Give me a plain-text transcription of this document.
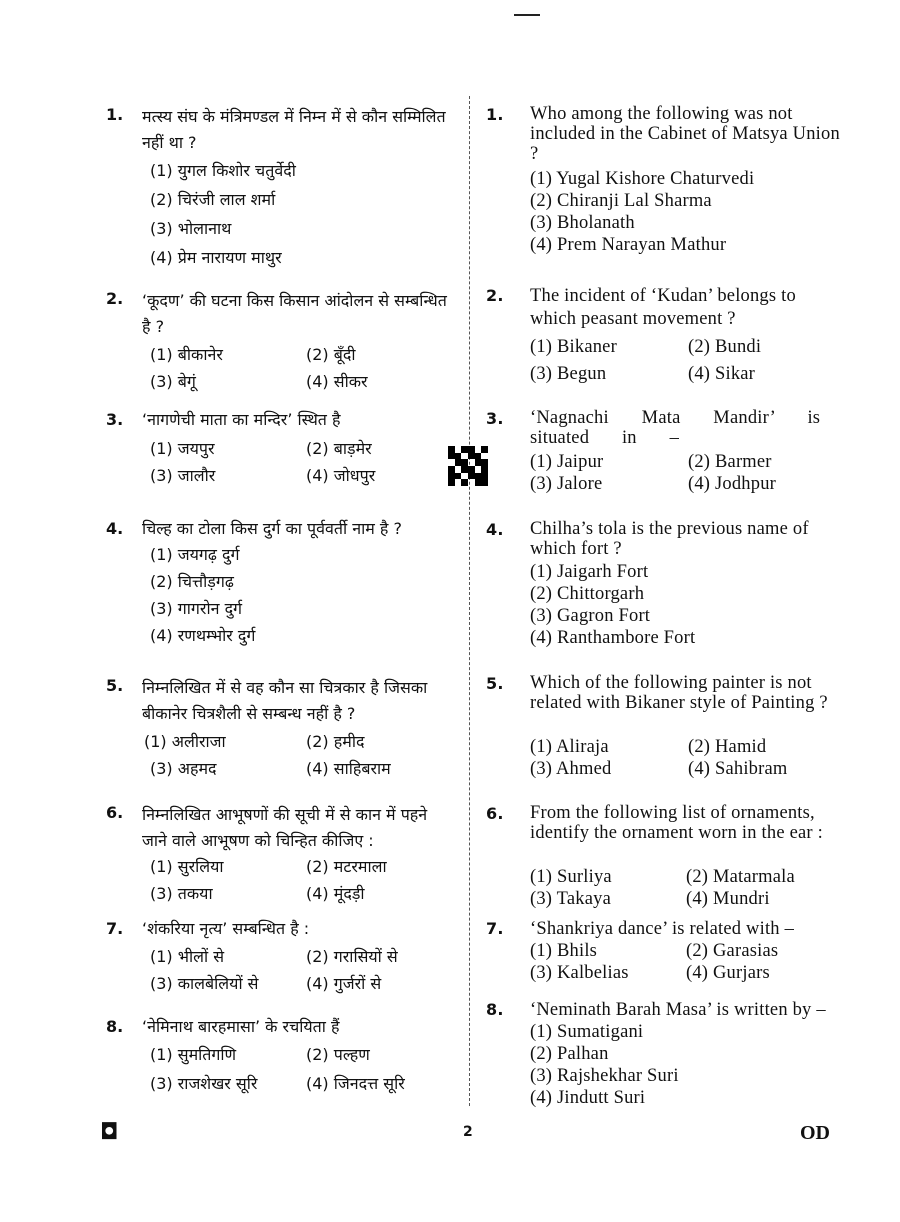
1. मत्स्य संघ के मंत्रिमण्डल में निम्न में से कौन सम्मिलित नहीं था ?
(1) युगल किशोर चतुर्वेदी
(2) चिरंजी लाल शर्मा
(3) भोलानाथ
(4) प्रेम नारायण माथुर
2. ‘कूदण’ की घटना किस किसान आंदोलन से सम्बन्धित है ?
(1) बीकानेर	(2) बूँदी
(3) बेगूं	(4) सीकर
3. ‘नागणेची माता का मन्दिर’ स्थित है
(1) जयपुर	(2) बाड़मेर
(3) जालौर	(4) जोधपुर
4. चिल्ह का टोला किस दुर्ग का पूर्ववर्ती नाम है ?
(1) जयगढ़ दुर्ग
(2) चित्तौड़गढ़
(3) गागरोन दुर्ग
(4) रणथम्भोर दुर्ग
5. निम्नलिखित में से वह कौन सा चित्रकार है जिसका बीकानेर चित्रशैली से सम्बन्ध नहीं है ?
(1) अलीराजा	(2) हमीद
(3) अहमद	(4) साहिबराम
6. निम्नलिखित आभूषणों की सूची में से कान में पहने जाने वाले आभूषण को चिन्हित कीजिए :
(1) सुरलिया	(2) मटरमाला
(3) तकया	(4) मूंदड़ी
7. ‘शंकरिया नृत्य’ सम्बन्धित है :
(1) भीलों से	(2) गरासियों से
(3) कालबेलियों से	(4) गुर्जरों से
8. ‘नेमिनाथ बारहमासा’ के रचयिता हैं
(1) सुमतिगणि	(2) पल्हण
(3) राजशेखर सूरि	(4) जिनदत्त सूरि
1. Who among the following was not included in the Cabinet of Matsya Union ?
(1) Yugal Kishore Chaturvedi
(2) Chiranji Lal Sharma
(3) Bholanath
(4) Prem Narayan Mathur
2. The incident of ‘Kudan’ belongs to which peasant movement ?
(1) Bikaner	(2) Bundi
(3) Begun	(4) Sikar
3. ‘Nagnachi Mata Mandir’ is situated in –
(1) Jaipur	(2) Barmer
(3) Jalore	(4) Jodhpur
4. Chilha’s tola is the previous name of which fort ?
(1) Jaigarh Fort
(2) Chittorgarh
(3) Gagron Fort
(4) Ranthambore Fort
5. Which of the following painter is not related with Bikaner style of Painting ?
(1) Aliraja	(2) Hamid
(3) Ahmed	(4) Sahibram
6. From the following list of ornaments, identify the ornament worn in the ear :
(1) Surliya	(2) Matarmala
(3) Takaya	(4) Mundri
7. ‘Shankriya dance’ is related with –
(1) Bhils	(2) Garasias
(3) Kalbelias	(4) Gurjars
8. ‘Neminath Barah Masa’ is written by –
(1) Sumatigani
(2) Palhan
(3) Rajshekhar Suri
(4) Jindutt Suri
◘	2	OD
